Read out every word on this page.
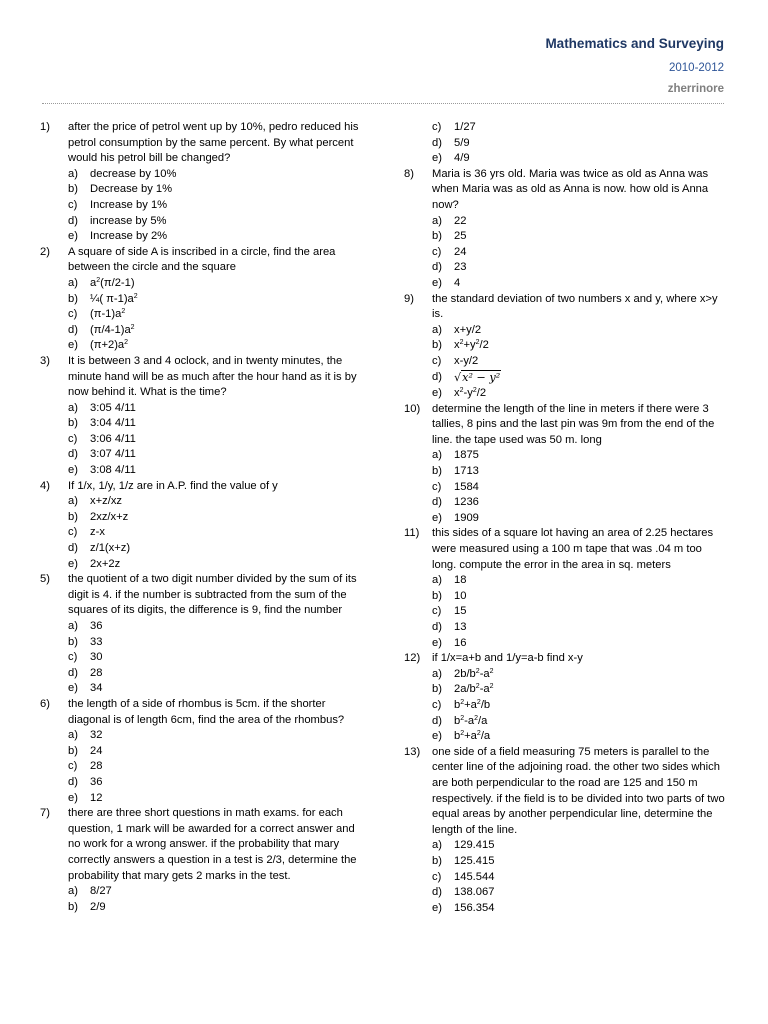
Mathematics and Surveying
2010-2012
zherrinore
1) after the price of petrol went up by 10%, pedro reduced his petrol consumption by the same percent. By what percent would his petrol bill be changed?
a) decrease by 10%
b) Decrease by 1%
c) Increase by 1%
d) increase by 5%
e) Increase by 2%
2) A square of side A is inscribed in a circle, find the area between the circle and the square
a) $a^2(\pi/2-1)$
b) ¼( $\pi-1)a^2$
c) $(\pi-1)a^2$
d) $(\pi/4-1)a^2$
e) $(\pi+2)a^2$
3) It is between 3 and 4 oclock, and in twenty minutes, the minute hand will be as much after the hour hand as it is by now behind it. What is the time?
a) 3:05 4/11
b) 3:04 4/11
c) 3:06 4/11
d) 3:07 4/11
e) 3:08 4/11
4) If 1/x, 1/y, 1/z are in A.P. find the value of y
a) x+z/xz
b) 2xz/x+z
c) z-x
d) z/1(x+z)
e) 2x+2z
5) the quotient of a two digit number divided by the sum of its digit is 4. if the number is subtracted from the sum of the squares of its digits, the difference is 9, find the number
a) 36
b) 33
c) 30
d) 28
e) 34
6) the length of a side of rhombus is 5cm. if the shorter diagonal is of length 6cm, find the area of the rhombus?
a) 32
b) 24
c) 28
d) 36
e) 12
7) there are three short questions in math exams. for each question, 1 mark will be awarded for a correct answer and no work for a wrong answer. if the probability that mary correctly answers a question in a test is 2/3, determine the probability that mary gets 2 marks in the test.
a) 8/27
b) 2/9
c) 1/27
d) 5/9
e) 4/9
8) Maria is 36 yrs old. Maria was twice as old as Anna was when Maria was as old as Anna is now. how old is Anna now?
a) 22
b) 25
c) 24
d) 23
e) 4
9) the standard deviation of two numbers x and y, where x>y is.
a) x+y/2
b) $x^2+y^2/2$
c) x-y/2
d) √x² − y²
e) $x^2-y^2/2$
10) determine the length of the line in meters if there were 3 tallies, 8 pins and the last pin was 9m from the end of the line. the tape used was 50 m. long
a) 1875
b) 1713
c) 1584
d) 1236
e) 1909
11) this sides of a square lot having an area of 2.25 hectares were measured using a 100 m tape that was .04 m too long. compute the error in the area in sq. meters
a) 18
b) 10
c) 15
d) 13
e) 16
12) if 1/x=a+b and 1/y=a-b find x-y
a) $2b/b^2-a^2$
b) $2a/b^2-a^2$
c) $b^2+a^2/b$
d) $b^2-a^2/a$
e) $b^2+a^2/a$
13) one side of a field measuring 75 meters is parallel to the center line of the adjoining road. the other two sides which are both perpendicular to the road are 125 and 150 m respectively. if the field is to be divided into two parts of two equal areas by another perpendicular line, determine the length of the line.
a) 129.415
b) 125.415
c) 145.544
d) 138.067
e) 156.354
